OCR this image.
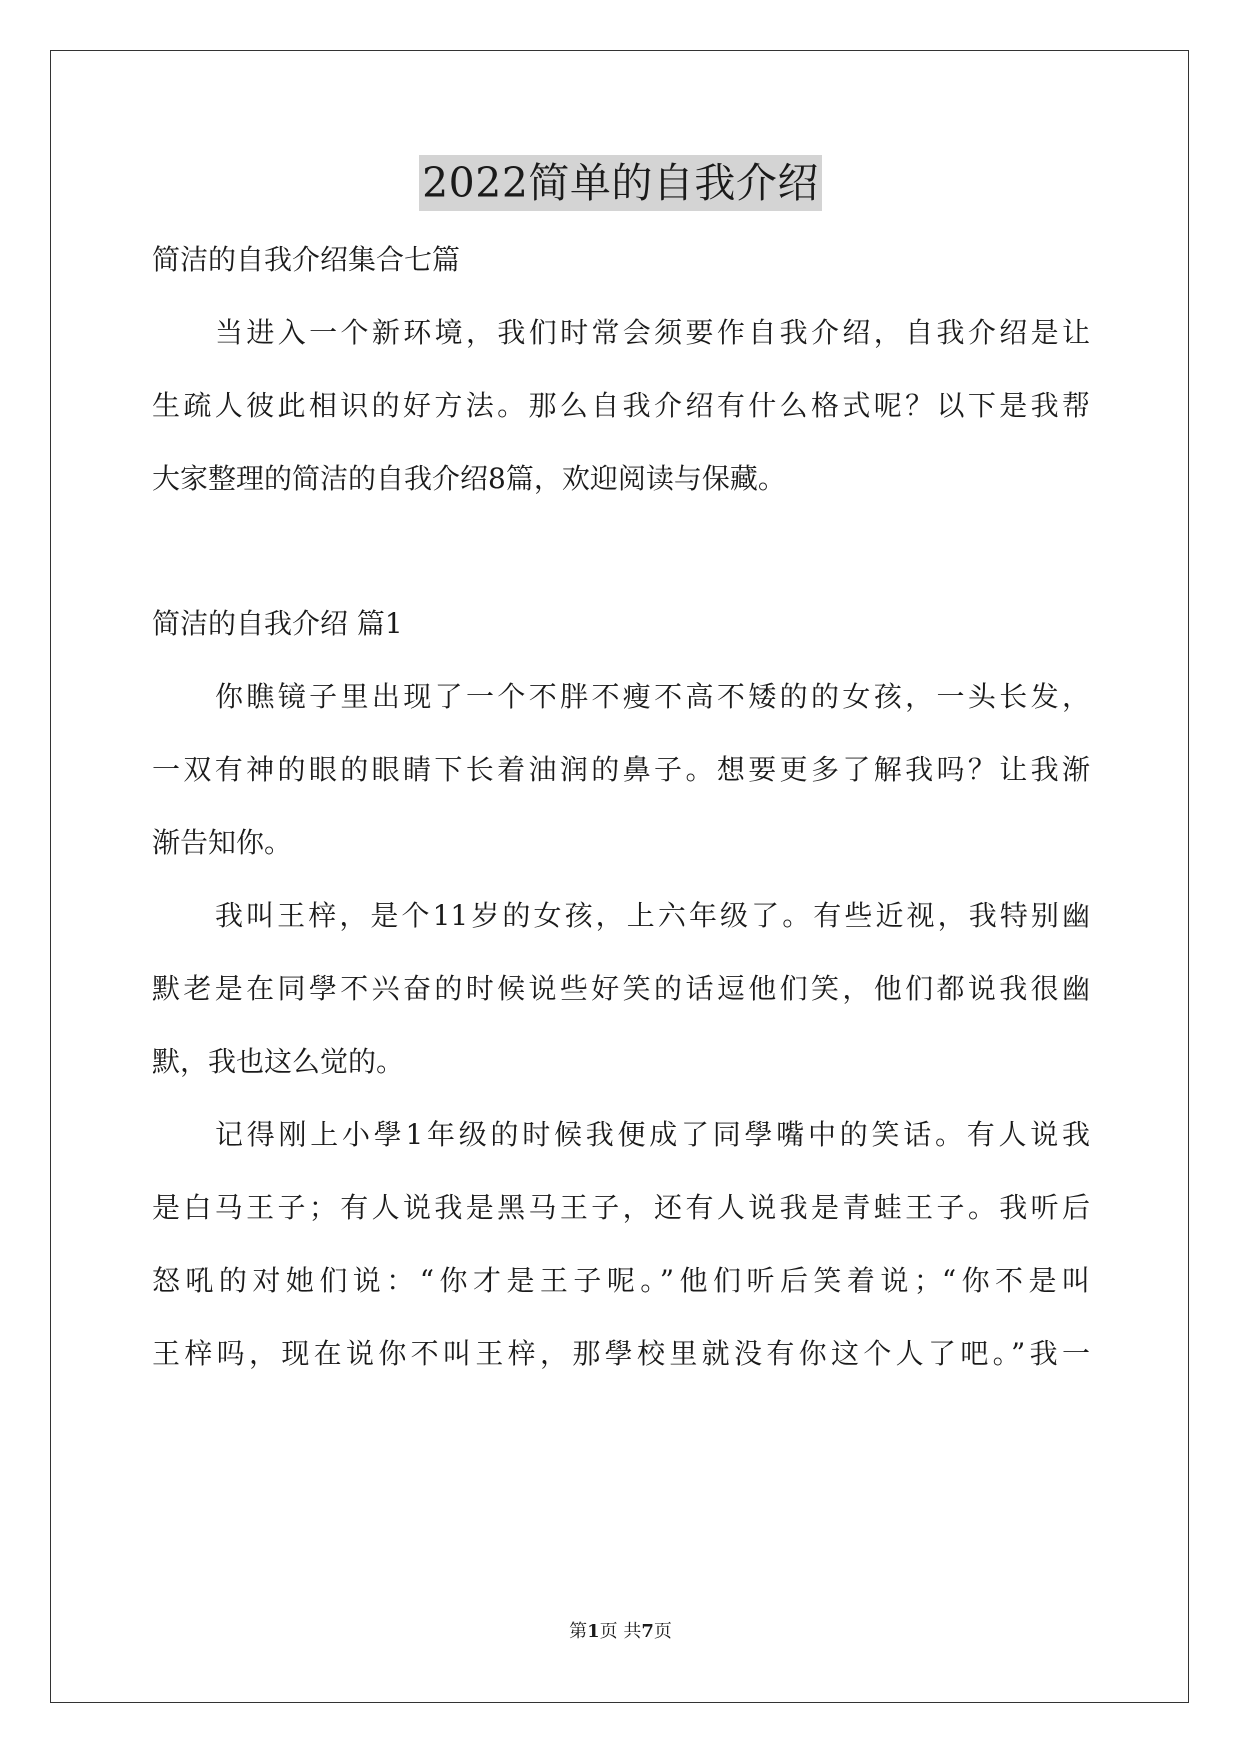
2022简单的自我介绍
简洁的自我介绍集合七篇
当进入一个新环境，我们时常会须要作自我介绍，自我介绍是让
生疏人彼此相识的好方法。那么自我介绍有什么格式呢？以下是我帮
大家整理的简洁的自我介绍8篇，欢迎阅读与保藏。
简洁的自我介绍 篇1
你瞧镜子里出现了一个不胖不瘦不高不矮的的女孩，一头长发，
一双有神的眼的眼睛下长着油润的鼻子。想要更多了解我吗？让我渐
渐告知你。
我叫王梓，是个11岁的女孩，上六年级了。有些近视，我特别幽
默老是在同學不兴奋的时候说些好笑的话逗他们笑，他们都说我很幽
默，我也这么觉的。
记得刚上小學1年级的时候我便成了同學嘴中的笑话。有人说我
是白马王子；有人说我是黑马王子，还有人说我是青蛙王子。我听后
怒吼的对她们说：“你才是王子呢。”他们听后笑着说；“你不是叫
王梓吗，现在说你不叫王梓，那學校里就没有你这个人了吧。”我一
第1页 共7页
